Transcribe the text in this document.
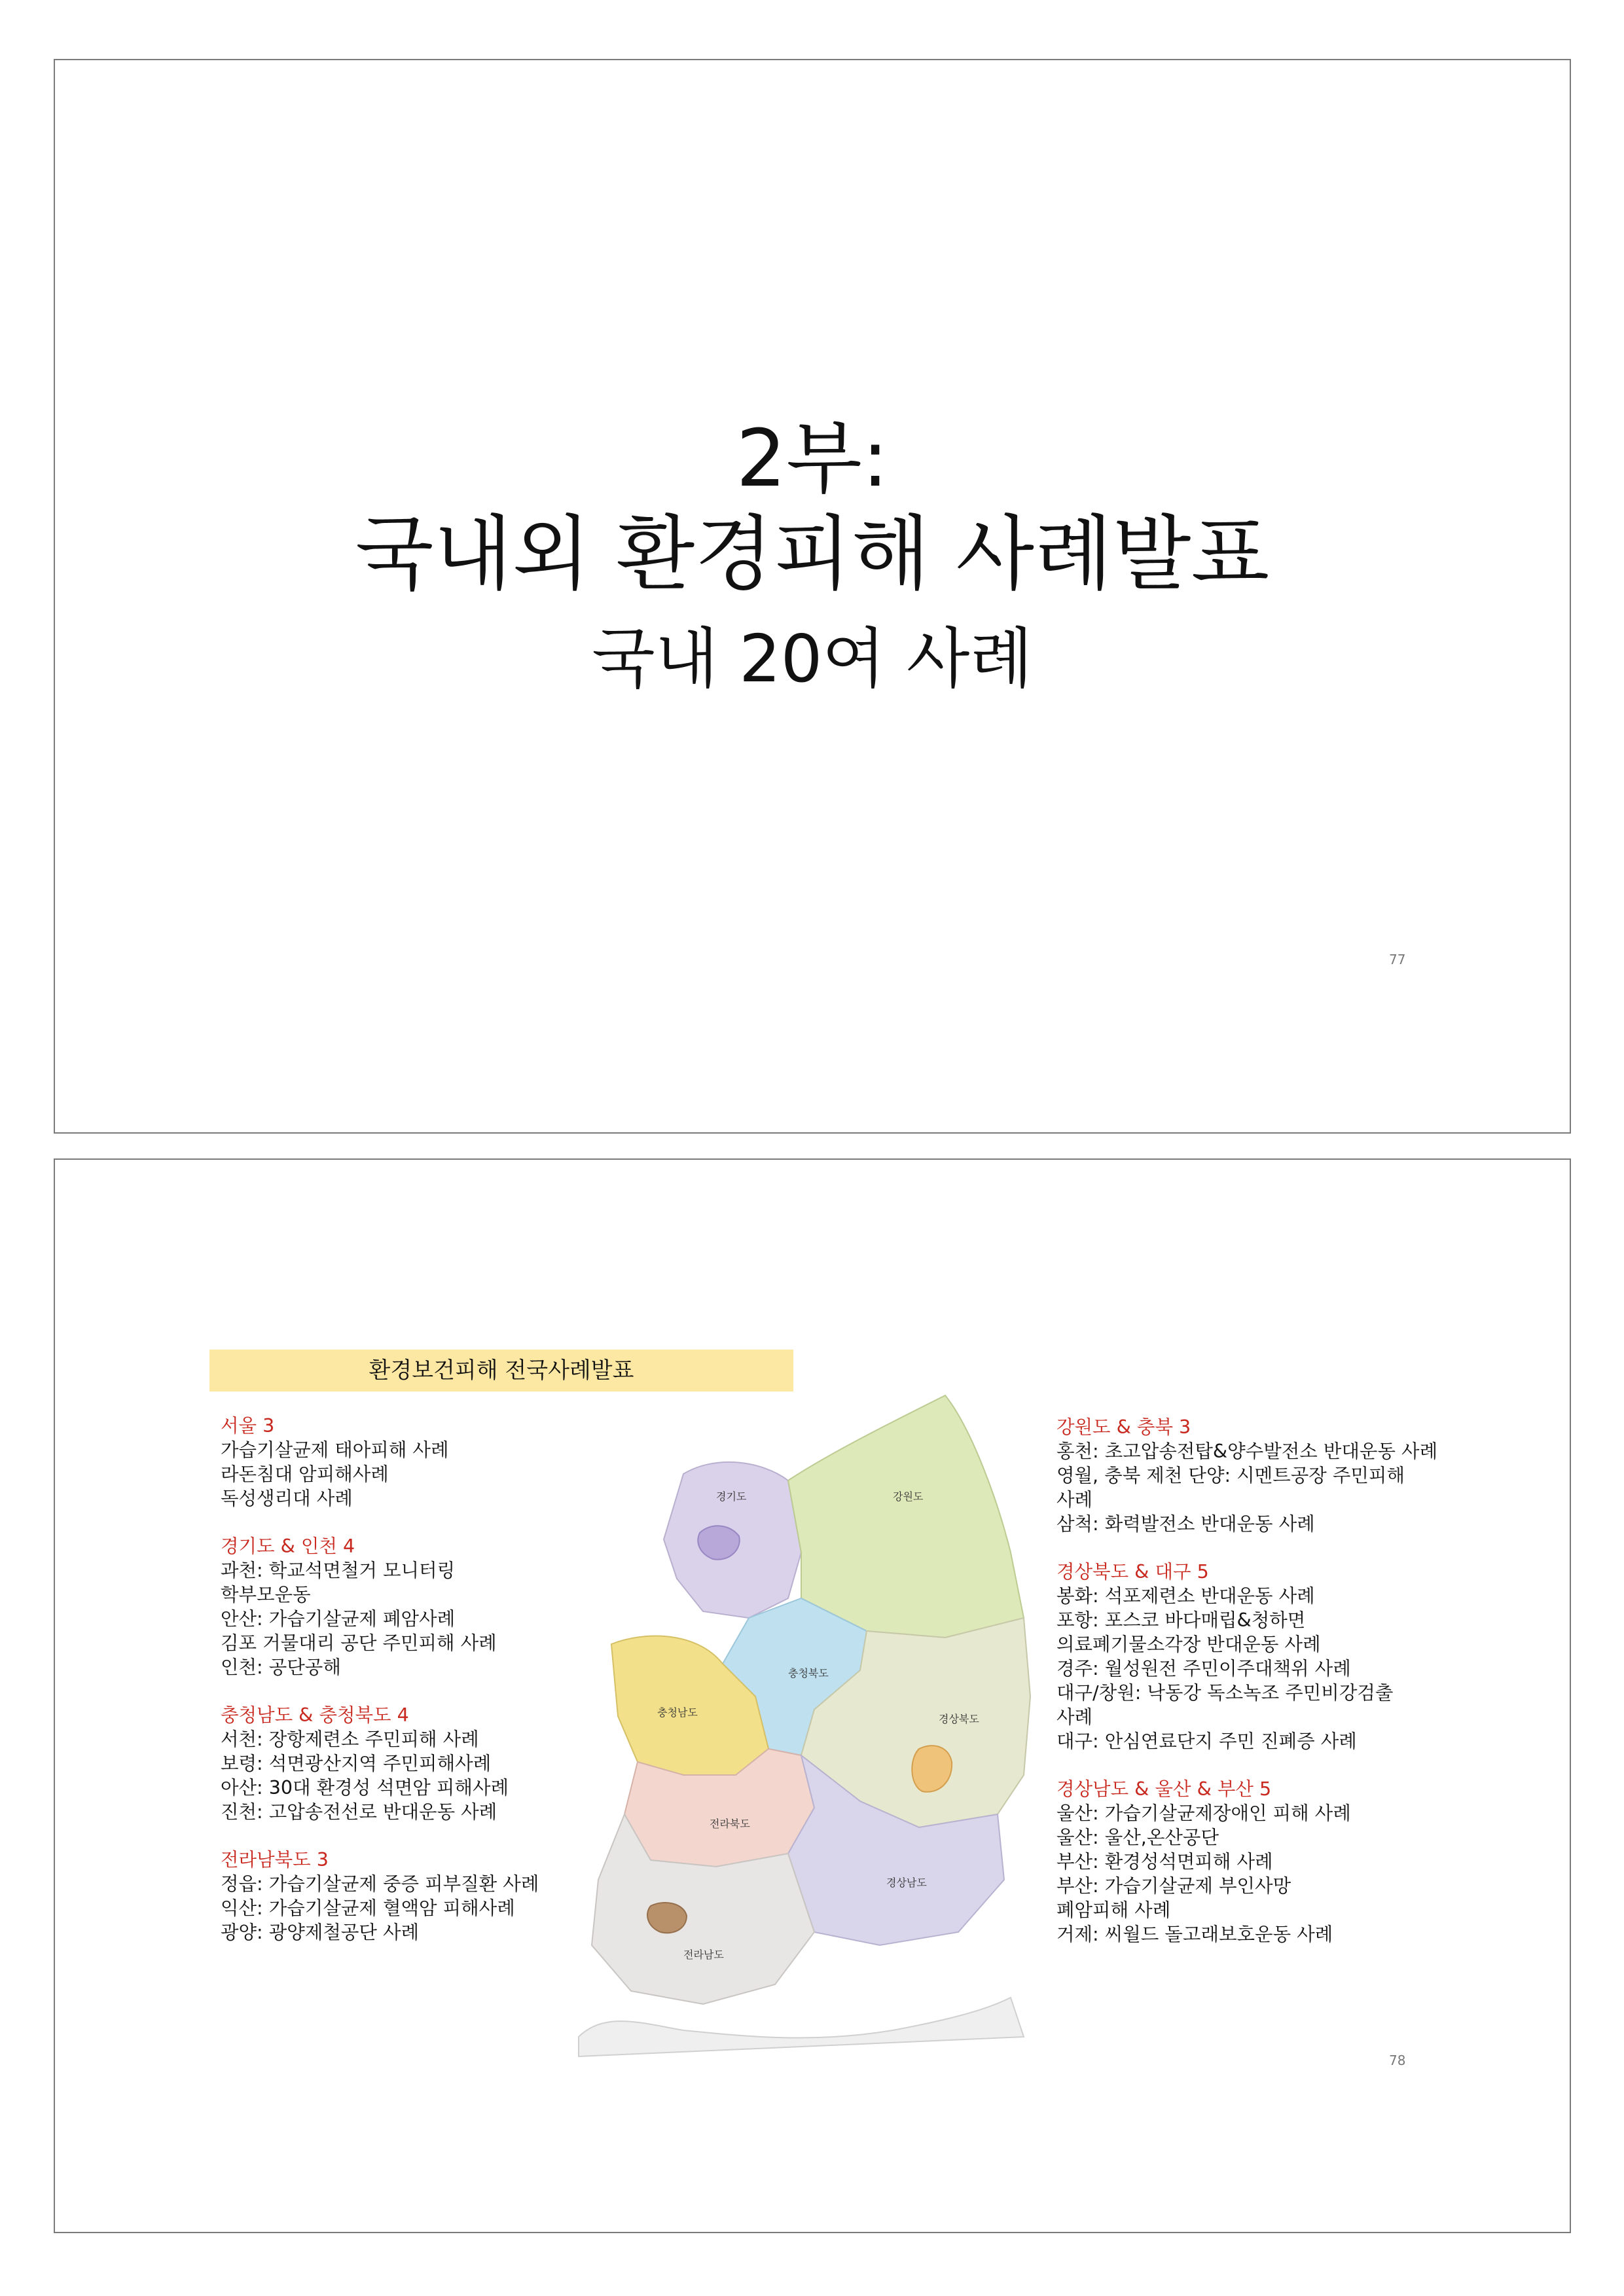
2부:
국내외 환경피해 사례발표
국내 20여 사례
77
환경보건피해 전국사례발표
서울 3
가습기살균제 태아피해 사례
라돈침대 암피해사례
독성생리대 사례
경기도 & 인천 4
과천: 학교석면철거 모니터링
학부모운동
안산: 가습기살균제 폐암사례
김포 거물대리 공단 주민피해 사례
인천: 공단공해
충청남도 & 충청북도 4
서천: 장항제련소 주민피해 사례
보령: 석면광산지역 주민피해사례
아산: 30대 환경성 석면암 피해사례
진천: 고압송전선로 반대운동 사례
전라남북도 3
정읍: 가습기살균제 중증 피부질환 사례
익산: 가습기살균제 혈액암 피해사례
광양: 광양제철공단 사례
강원도 & 충북 3
홍천: 초고압송전탑&양수발전소 반대운동 사례
영월, 충북 제천 단양: 시멘트공장 주민피해
사례
삼척: 화력발전소 반대운동 사례
경상북도 & 대구 5
봉화: 석포제련소 반대운동 사례
포항: 포스코 바다매립&청하면
의료폐기물소각장 반대운동 사례
경주: 월성원전 주민이주대책위 사례
대구/창원: 낙동강 독소녹조 주민비강검출
사례
대구: 안심연료단지 주민 진폐증 사례
경상남도 & 울산 & 부산 5
울산: 가습기살균제장애인 피해 사례
울산: 울산,온산공단
부산: 환경성석면피해 사례
부산: 가습기살균제 부인사망
폐암피해 사례
거제: 씨월드 돌고래보호운동 사례
경기도	강원도
충청북도
충청남도
경상북도
전라북도
경상남도
전라남도
78
